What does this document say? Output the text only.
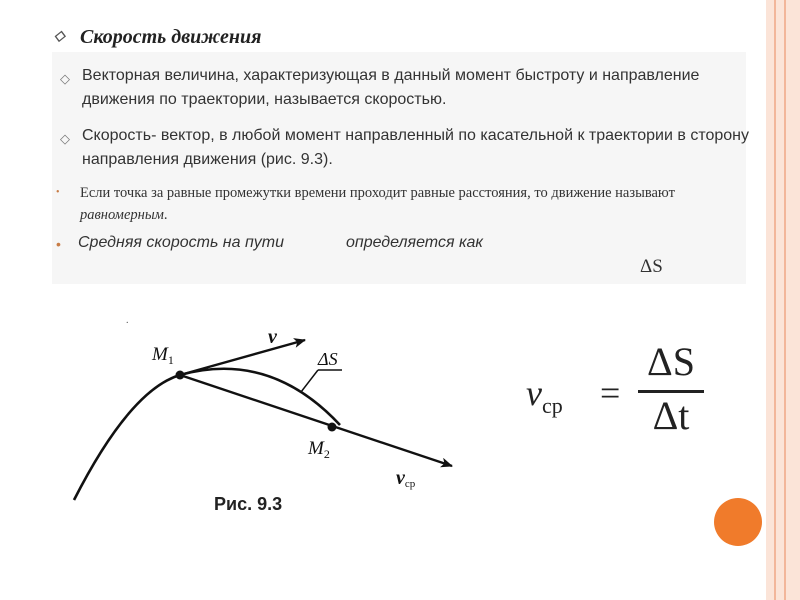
◇ Скорость движения
◇ Векторная величина, характеризующая в данный момент быстроту и направление движения по траектории, называется скоростью.
◇ Скорость- вектор, в любой момент направленный по касательной к траектории в сторону направления движения (рис. 9.3).
•	Если точка за равные промежутки времени проходит равные расстояния, то движение называют равномерным.
•	Средняя скорость на пути	определяется как
ΔS
.
$M_1$
$M_2$
v
ΔS
vср
Рис. 9.3
$v_{ср}$ =
ΔS
Δt
